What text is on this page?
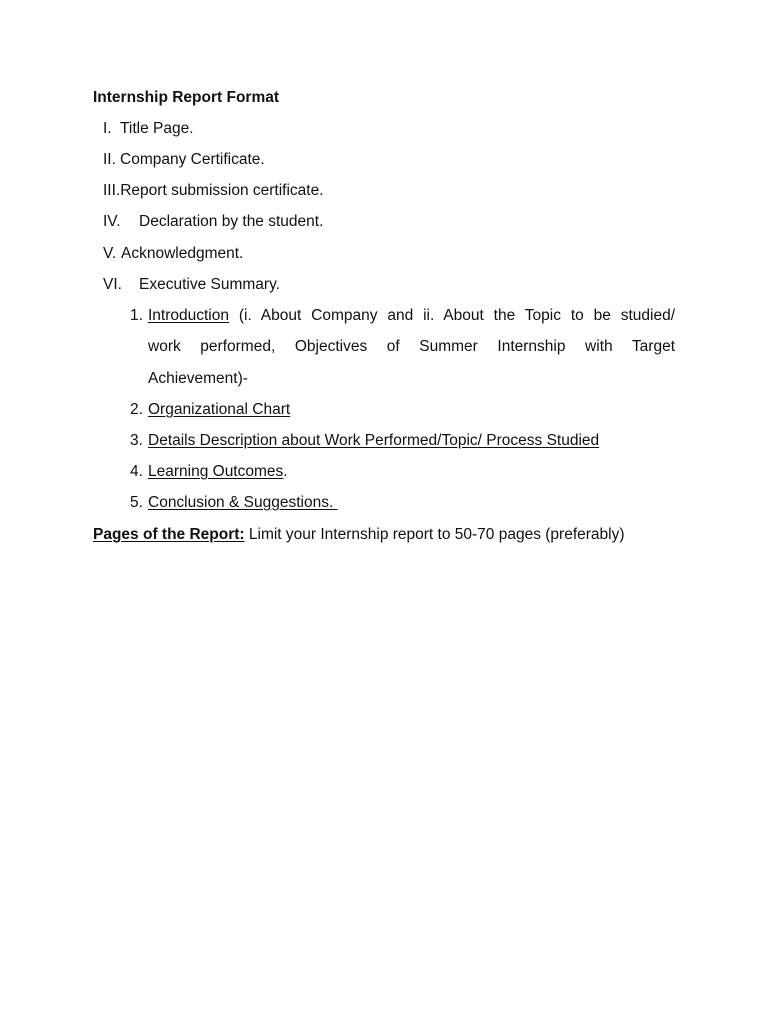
Internship Report Format
I. Title Page.
II. Company Certificate.
III.Report submission certificate.
IV. Declaration by the student.
V. Acknowledgment.
VI. Executive Summary.
1. Introduction (i. About Company and ii. About the Topic to be studied/
work performed, Objectives of Summer Internship with Target
Achievement)-
2. Organizational Chart
3. Details Description about Work Performed/Topic/ Process Studied
4. Learning Outcomes.
5. Conclusion & Suggestions.
Pages of the Report: Limit your Internship report to 50-70 pages (preferably)
